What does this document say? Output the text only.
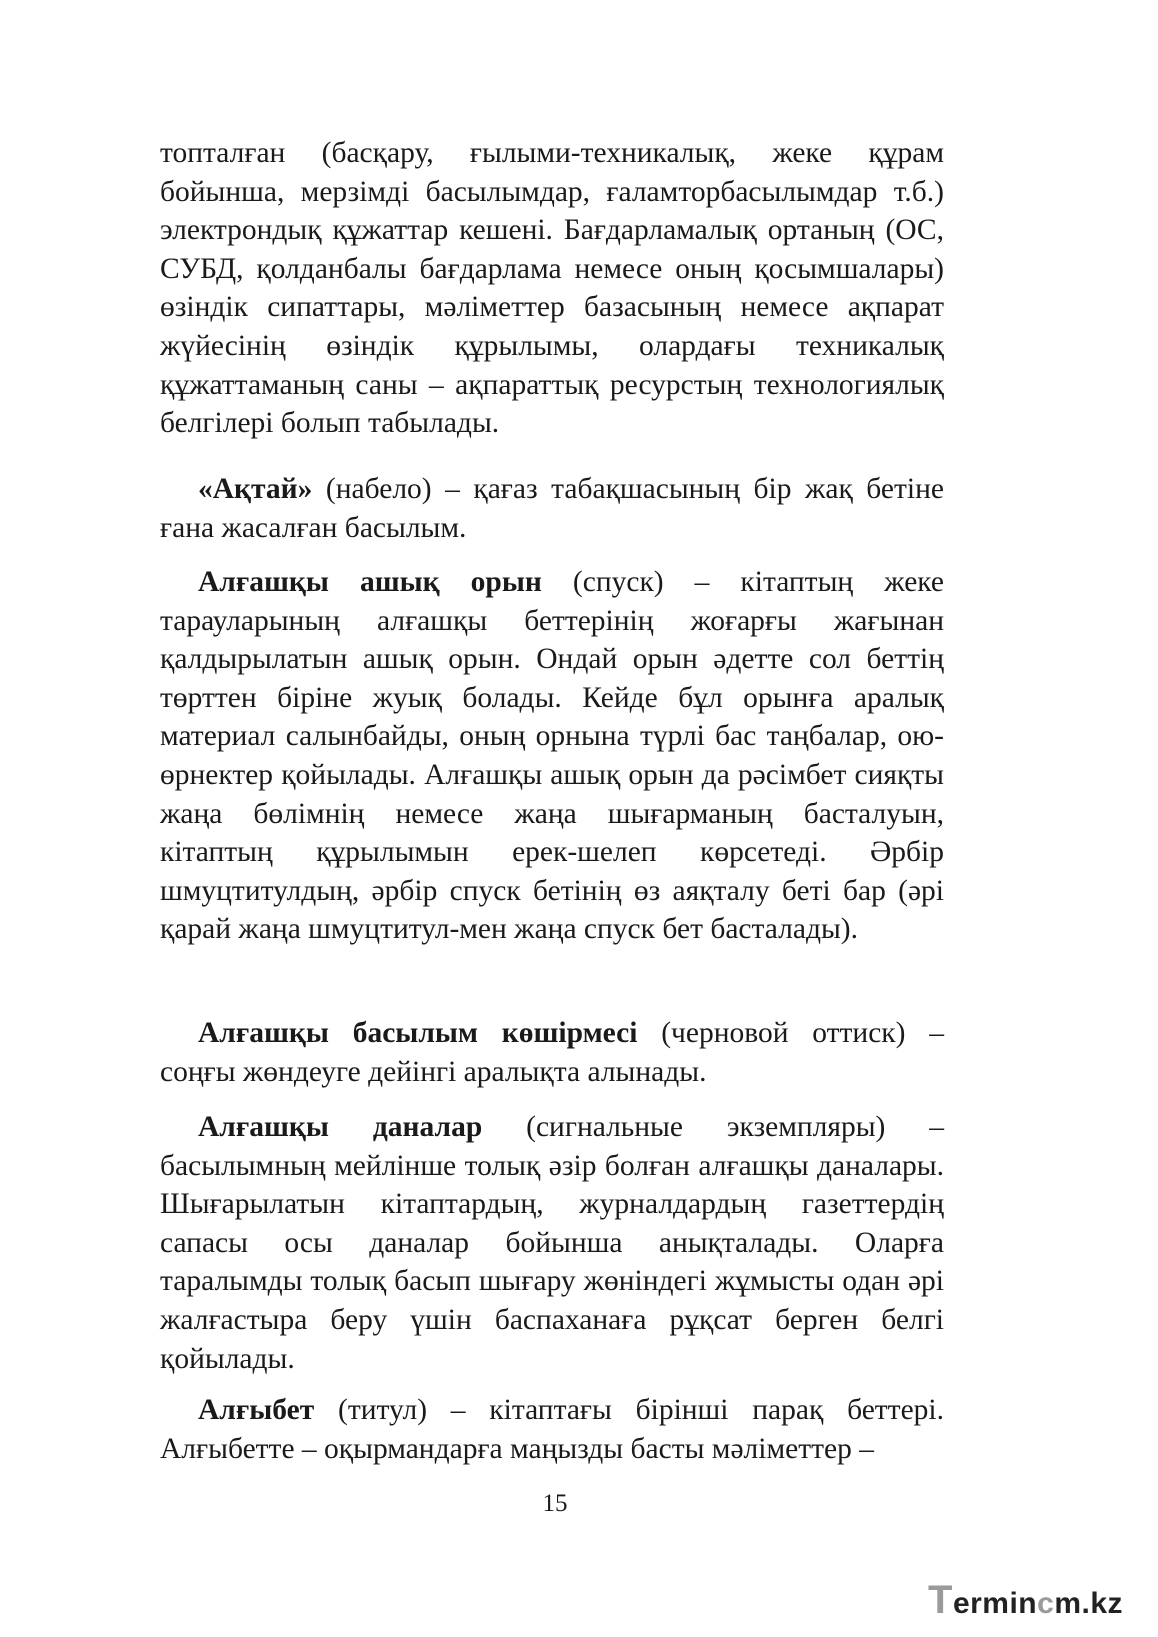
топталған (басқару, ғылыми-техникалық, жеке құрам бойынша, мерзімді басылымдар, ғаламторбасылымдар т.б.) электрондық құжаттар кешені. Бағдарламалық ортаның (ОС, СУБД, қолданбалы бағдарлама немесе оның қосымшалары) өзіндік сипаттары, мәліметтер базасының немесе ақпарат жүйесінің өзіндік құрылымы, олардағы техникалық құжаттаманың саны – ақпараттық ресурстың технологиялық белгілері болып табылады.

«Ақтай» (набело) – қағаз табақшасының бір жақ бетіне ғана жасалған басылым.

Алғашқы ашық орын (спуск) – кітаптың жеке тарауларының алғашқы беттерінің жоғарғы жағынан қалдырылатын ашық орын. Ондай орын әдетте сол беттің төрттен біріне жуық болады. Кейде бұл орынға аралық материал салынбайды, оның орнына түрлі бас таңбалар, ою-өрнектер қойылады. Алғашқы ашық орын да рәсімбет сияқты жаңа бөлімнің немесе жаңа шығарманың басталуын, кітаптың құрылымын ерек-шелеп көрсетеді. Әрбір шмуцтитулдың, әрбір спуск бетінің өз аяқталу беті бар (әрі қарай жаңа шмуцтитул-мен жаңа спуск бет басталады).

Алғашқы басылым көшірмесі (черновой оттиск) – соңғы жөндеуге дейінгі аралықта алынады.

Алғашқы даналар (сигнальные экземпляры) – басылымның мейлінше толық әзір болған алғашқы даналары. Шығарылатын кітаптардың, журналдардың газеттердің сапасы осы даналар бойынша анықталады. Оларға таралымды толық басып шығару жөніндегі жұмысты одан әрі жалғастыра беру үшін баспаханаға рұқсат берген белгі қойылады.

Алғыбет (титул) – кітаптағы бірінші парақ беттері. Алғыбетте – оқырмандарға маңызды басты мәліметтер –

15
Termincm.kz
